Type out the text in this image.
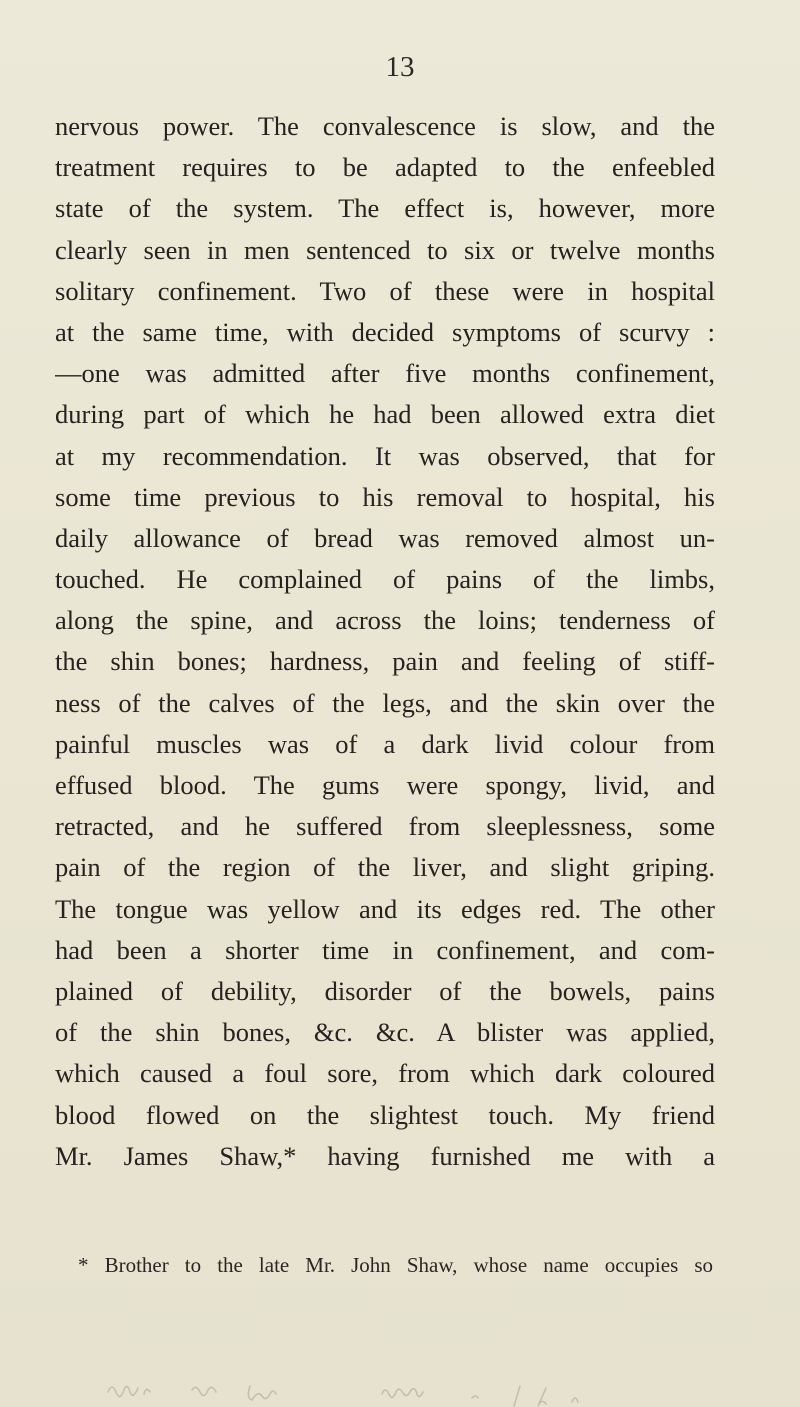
13
nervous power. The convalescence is slow, and the
treatment requires to be adapted to the enfeebled
state of the system. The effect is, however, more
clearly seen in men sentenced to six or twelve months
solitary confinement. Two of these were in hospital
at the same time, with decided symptoms of scurvy :
—one was admitted after five months confinement,
during part of which he had been allowed extra diet
at my recommendation. It was observed, that for
some time previous to his removal to hospital, his
daily allowance of bread was removed almost un-
touched. He complained of pains of the limbs,
along the spine, and across the loins; tenderness of
the shin bones; hardness, pain and feeling of stiff-
ness of the calves of the legs, and the skin over the
painful muscles was of a dark livid colour from
effused blood. The gums were spongy, livid, and
retracted, and he suffered from sleeplessness, some
pain of the region of the liver, and slight griping.
The tongue was yellow and its edges red. The other
had been a shorter time in confinement, and com-
plained of debility, disorder of the bowels, pains
of the shin bones, &c. &c. A blister was applied,
which caused a foul sore, from which dark coloured
blood flowed on the slightest touch. My friend
Mr. James Shaw,* having furnished me with a
* Brother to the late Mr. John Shaw, whose name occupies so
